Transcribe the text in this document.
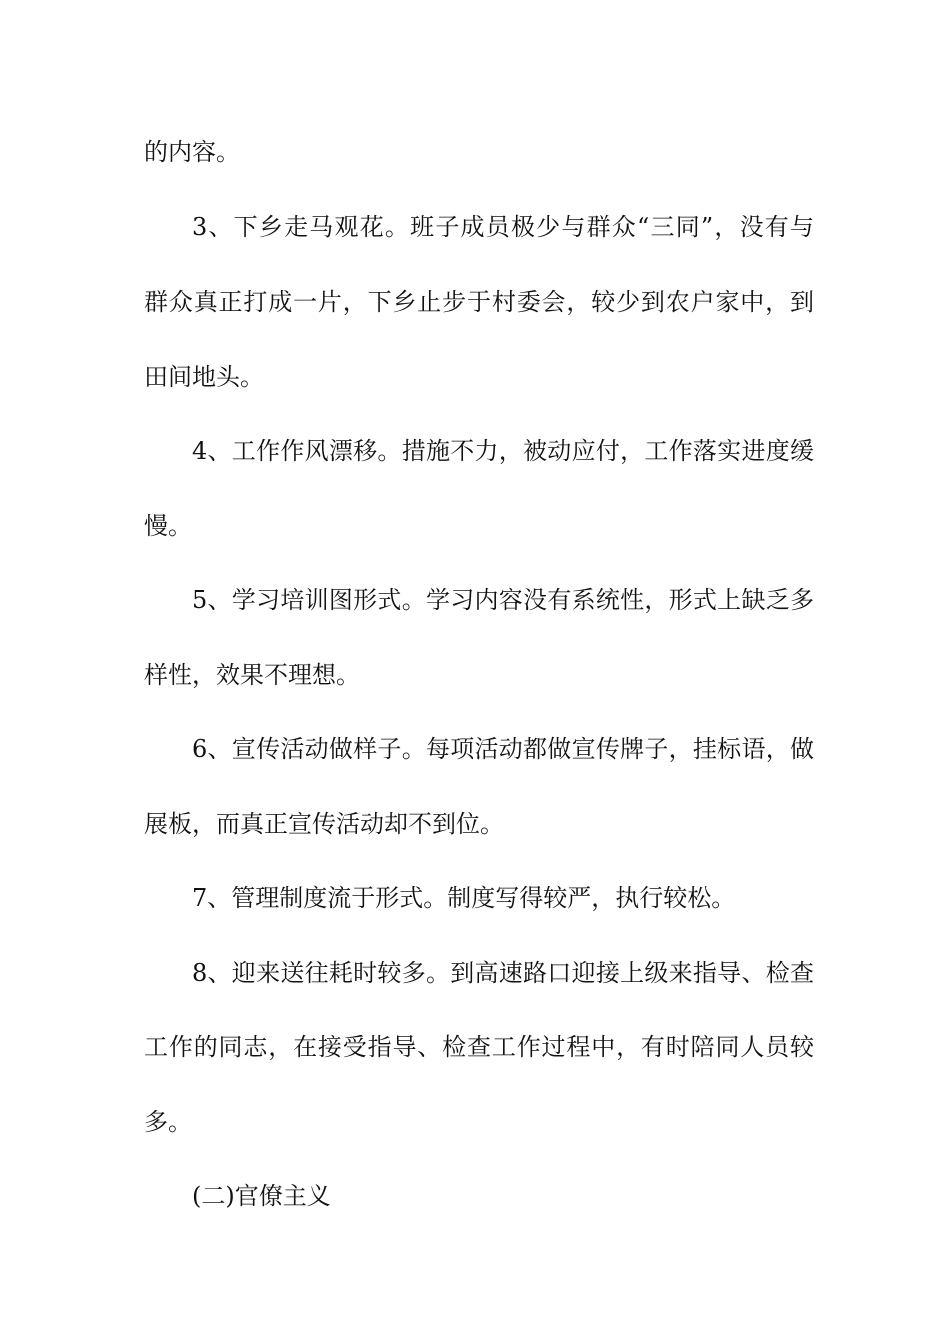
的内容。
3、下乡走马观花。班子成员极少与群众“三同”，没有与
群众真正打成一片，下乡止步于村委会，较少到农户家中，到
田间地头。
4、工作作风漂移。措施不力，被动应付，工作落实进度缓
慢。
5、学习培训图形式。学习内容没有系统性，形式上缺乏多
样性，效果不理想。
6、宣传活动做样子。每项活动都做宣传牌子，挂标语，做
展板，而真正宣传活动却不到位。
7、管理制度流于形式。制度写得较严，执行较松。
8、迎来送往耗时较多。到高速路口迎接上级来指导、检查
工作的同志，在接受指导、检查工作过程中，有时陪同人员较
多。
(二)官僚主义
